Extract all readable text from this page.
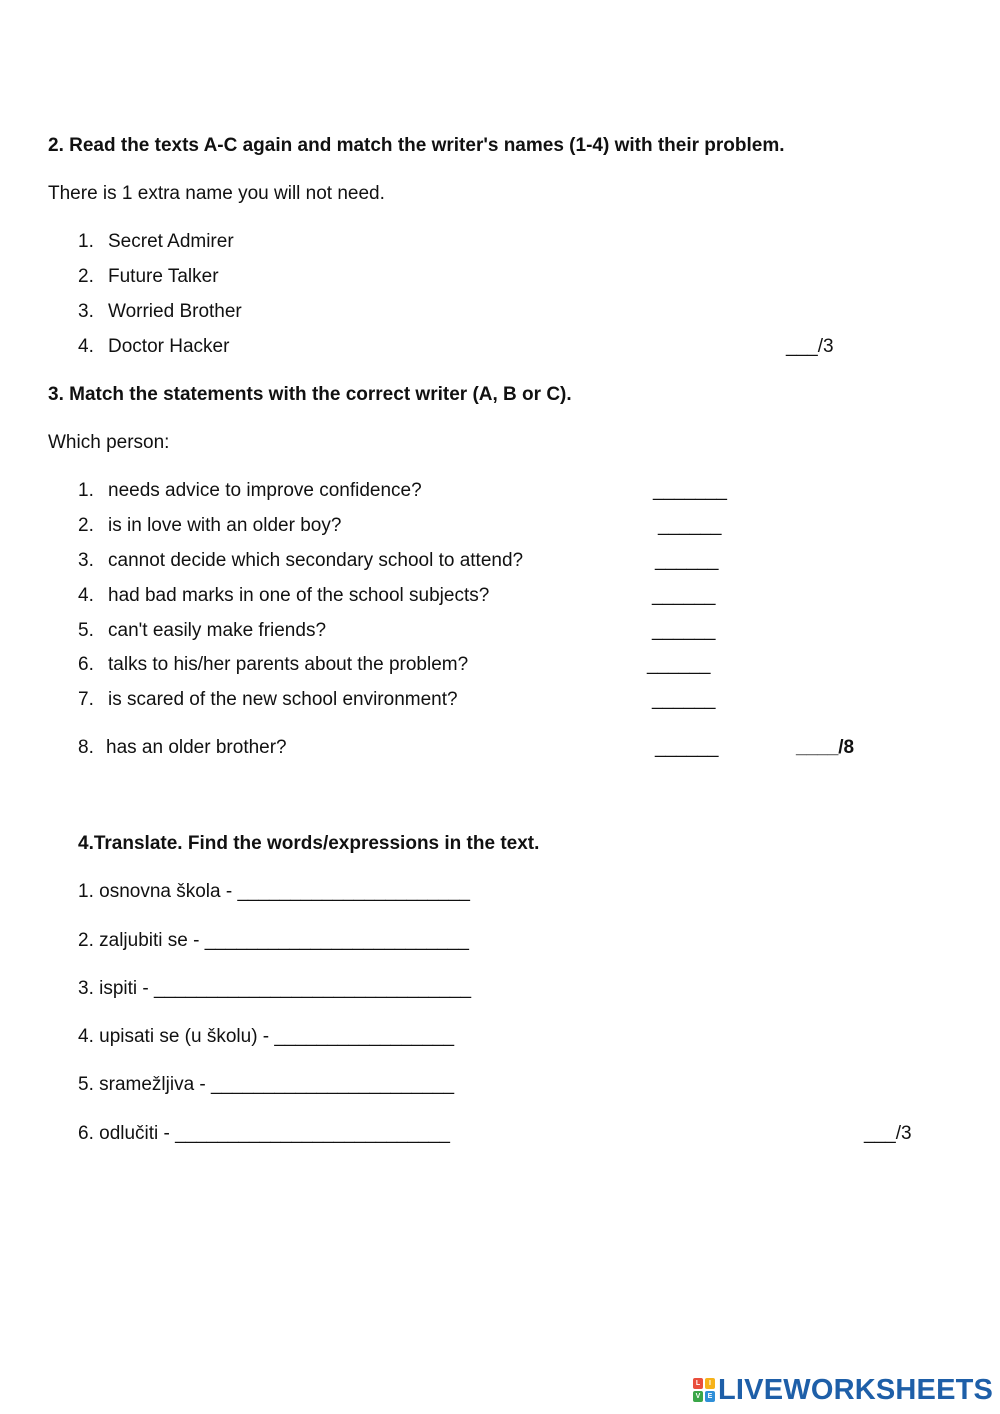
2. Read the texts A-C again and match the writer's names (1-4) with their problem.
There is 1 extra name you will not need.
1. Secret Admirer
2. Future Talker
3. Worried Brother
4. Doctor Hacker	___/3
3. Match the statements with the correct writer (A, B or C).
Which person:
1. needs advice to improve confidence?	_______
2. is in love with an older boy?	______
3. cannot decide which secondary school to attend?	______
4. had bad marks in one of the school subjects?	______
5. can't easily make friends?	______
6. talks to his/her parents about the problem?	______
7. is scared of the new school environment?	______
8. has an older brother?	______	____/8
4.Translate. Find the words/expressions in the text.
1. osnovna škola - ______________________
2. zaljubiti se - _________________________
3. ispiti - ______________________________
4. upisati se (u školu) - _________________
5. sramežljiva - _______________________
6. odlučiti - __________________________	___/3
L	I
V	E LIVEWORKSHEETS
